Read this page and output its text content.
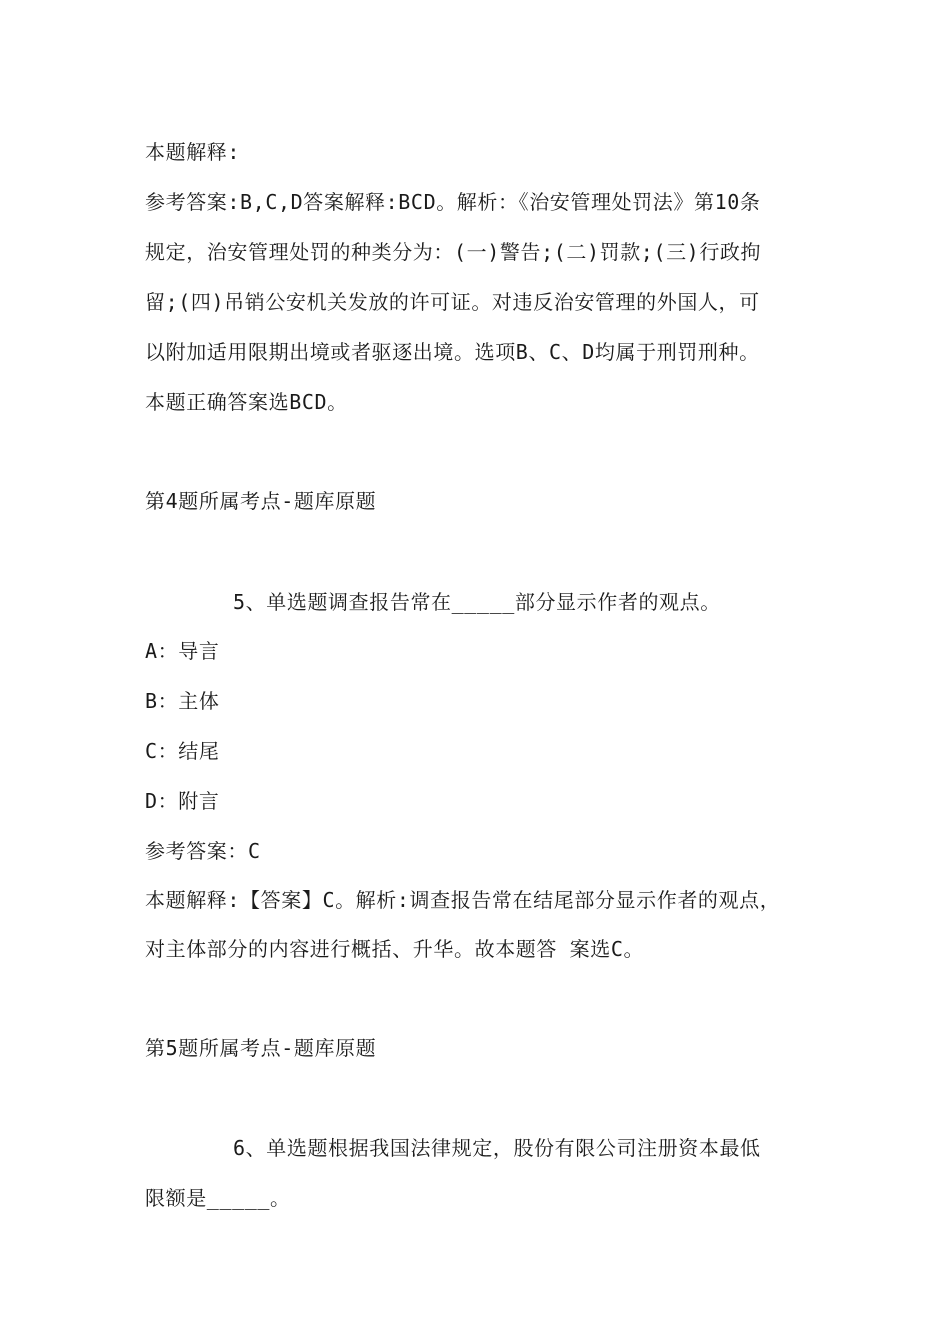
本题解释:
参考答案:B,C,D答案解释:BCD。解析：《治安管理处罚法》第10条
规定，治安管理处罚的种类分为：(一)警告;(二)罚款;(三)行政拘
留;(四)吊销公安机关发放的许可证。对违反治安管理的外国人，可
以附加适用限期出境或者驱逐出境。选项B、C、D均属于刑罚刑种。
本题正确答案选BCD。
第4题所属考点-题库原题
5、单选题调查报告常在_____部分显示作者的观点。
A：导言
B：主体
C：结尾
D：附言
参考答案：C
本题解释:【答案】C。解析:调查报告常在结尾部分显示作者的观点，
对主体部分的内容进行概括、升华。故本题答 案选C。
第5题所属考点-题库原题
6、单选题根据我国法律规定，股份有限公司注册资本最低
限额是_____。
